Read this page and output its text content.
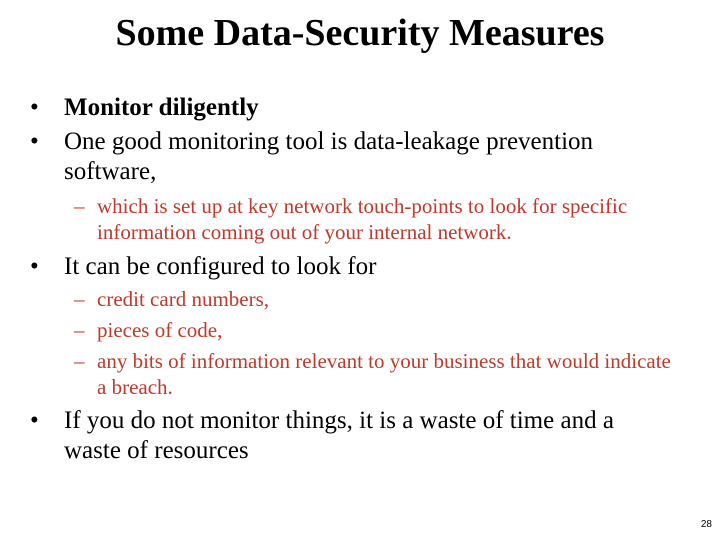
Some Data-Security Measures
• Monitor diligently
• One good monitoring tool is data-leakage prevention software,
– which is set up at key network touch-points to look for specific information coming out of your internal network.
• It can be configured to look for
– credit card numbers,
– pieces of code,
– any bits of information relevant to your business that would indicate a breach.
• If you do not monitor things, it is a waste of time and a waste of resources
28
